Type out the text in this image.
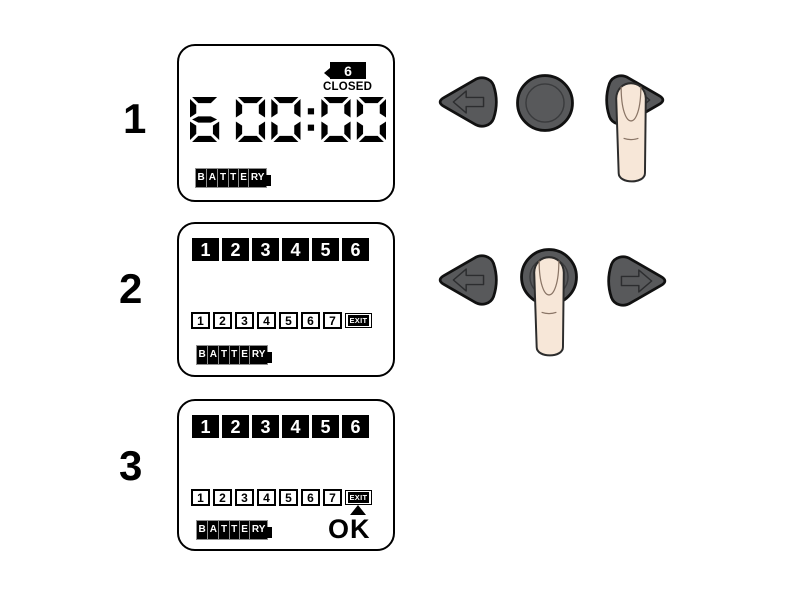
1
6
CLOSED
B A T T E RY
2
1	2	3	4	5	6
1	2	3	4	5	6	7	EXIT
B A T T E RY
3
1	2	3	4	5	6
1	2	3	4	5	6	7	EXIT
B A T T E RY OK
